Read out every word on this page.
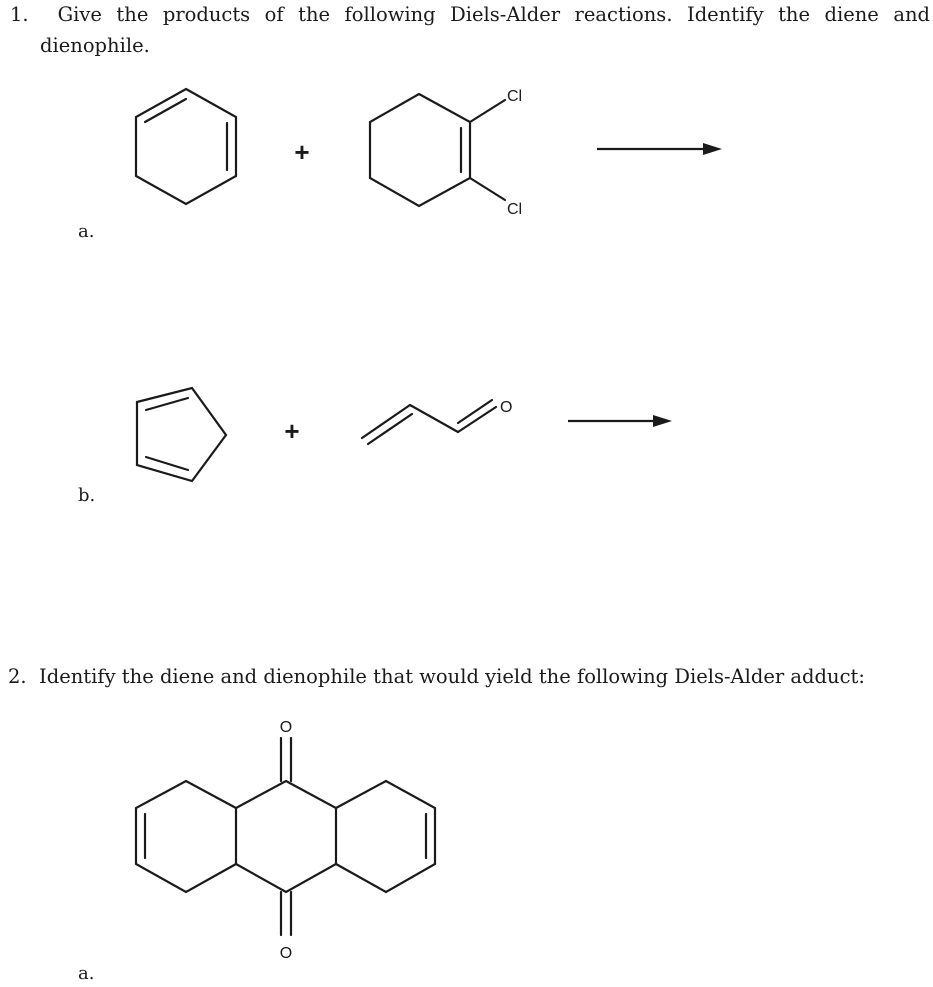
1. Give the products of the following Diels-Alder reactions. Identify the diene and
dienophile.
+
Cl
Cl
a.
+
O
b.
2. Identify the diene and dienophile that would yield the following Diels-Alder adduct:
O
O
a.
